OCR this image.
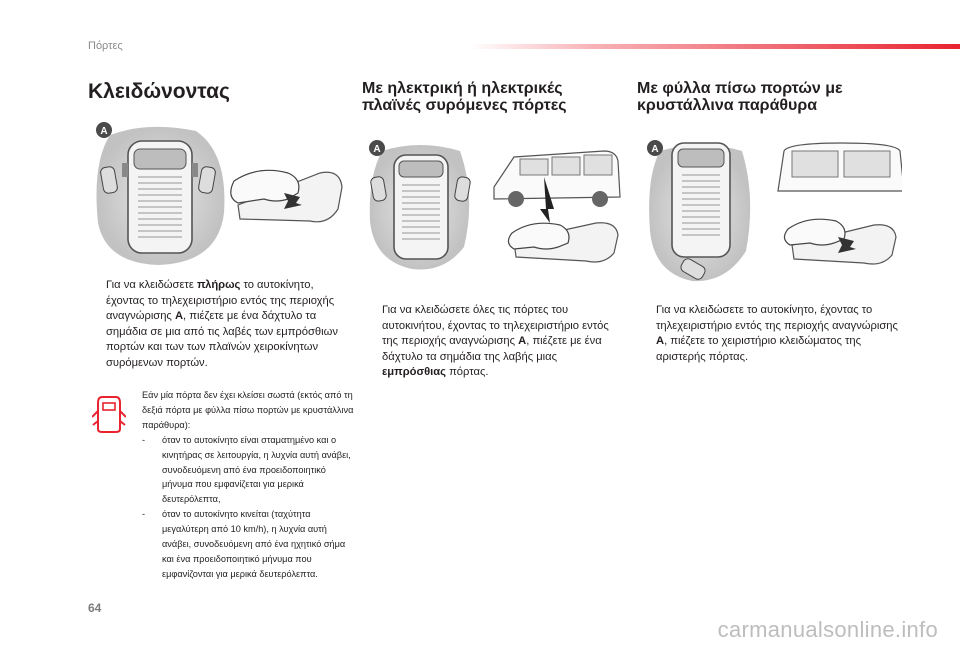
Πόρτες
Κλειδώνοντας	Με ηλεκτρική ή ηλεκτρικές πλαϊνές συρόμενες πόρτες
Με φύλλα πίσω πορτών με κρυστάλλινα παράθυρα
A
A	A
Για να κλειδώσετε πλήρως το αυτοκίνητο, έχοντας το τηλεχειριστήριο εντός της περιοχής αναγνώρισης A, πιέζετε με ένα δάχτυλο τα σημάδια σε μια από τις λαβές των εμπρόσθιων πορτών και των των πλαϊνών χειροκίνητων συρόμενων πορτών.
Εάν μία πόρτα δεν έχει κλείσει σωστά (εκτός από τη δεξιά πόρτα με φύλλα πίσω πορτών με κρυστάλλινα παράθυρα):
- όταν το αυτοκίνητο είναι σταματημένο και ο κινητήρας σε λειτουργία, η λυχνία αυτή ανάβει, συνοδευόμενη από ένα προειδοποιητικό μήνυμα που εμφανίζεται για μερικά δευτερόλεπτα,
- όταν το αυτοκίνητο κινείται (ταχύτητα μεγαλύτερη από 10 km/h), η λυχνία αυτή ανάβει, συνοδευόμενη από ένα ηχητικό σήμα και ένα προειδοποιητικό μήνυμα που εμφανίζονται για μερικά δευτερόλεπτα.
Για να κλειδώσετε όλες τις πόρτες του αυτοκινήτου, έχοντας το τηλεχειριστήριο εντός της περιοχής αναγνώρισης A, πιέζετε με ένα δάχτυλο τα σημάδια της λαβής μιας εμπρόσθιας πόρτας.
Για να κλειδώσετε το αυτοκίνητο, έχοντας το τηλεχειριστήριο εντός της περιοχής αναγνώρισης A, πιέζετε το χειριστήριο κλειδώματος της αριστερής πόρτας.
64
carmanualsonline.info
